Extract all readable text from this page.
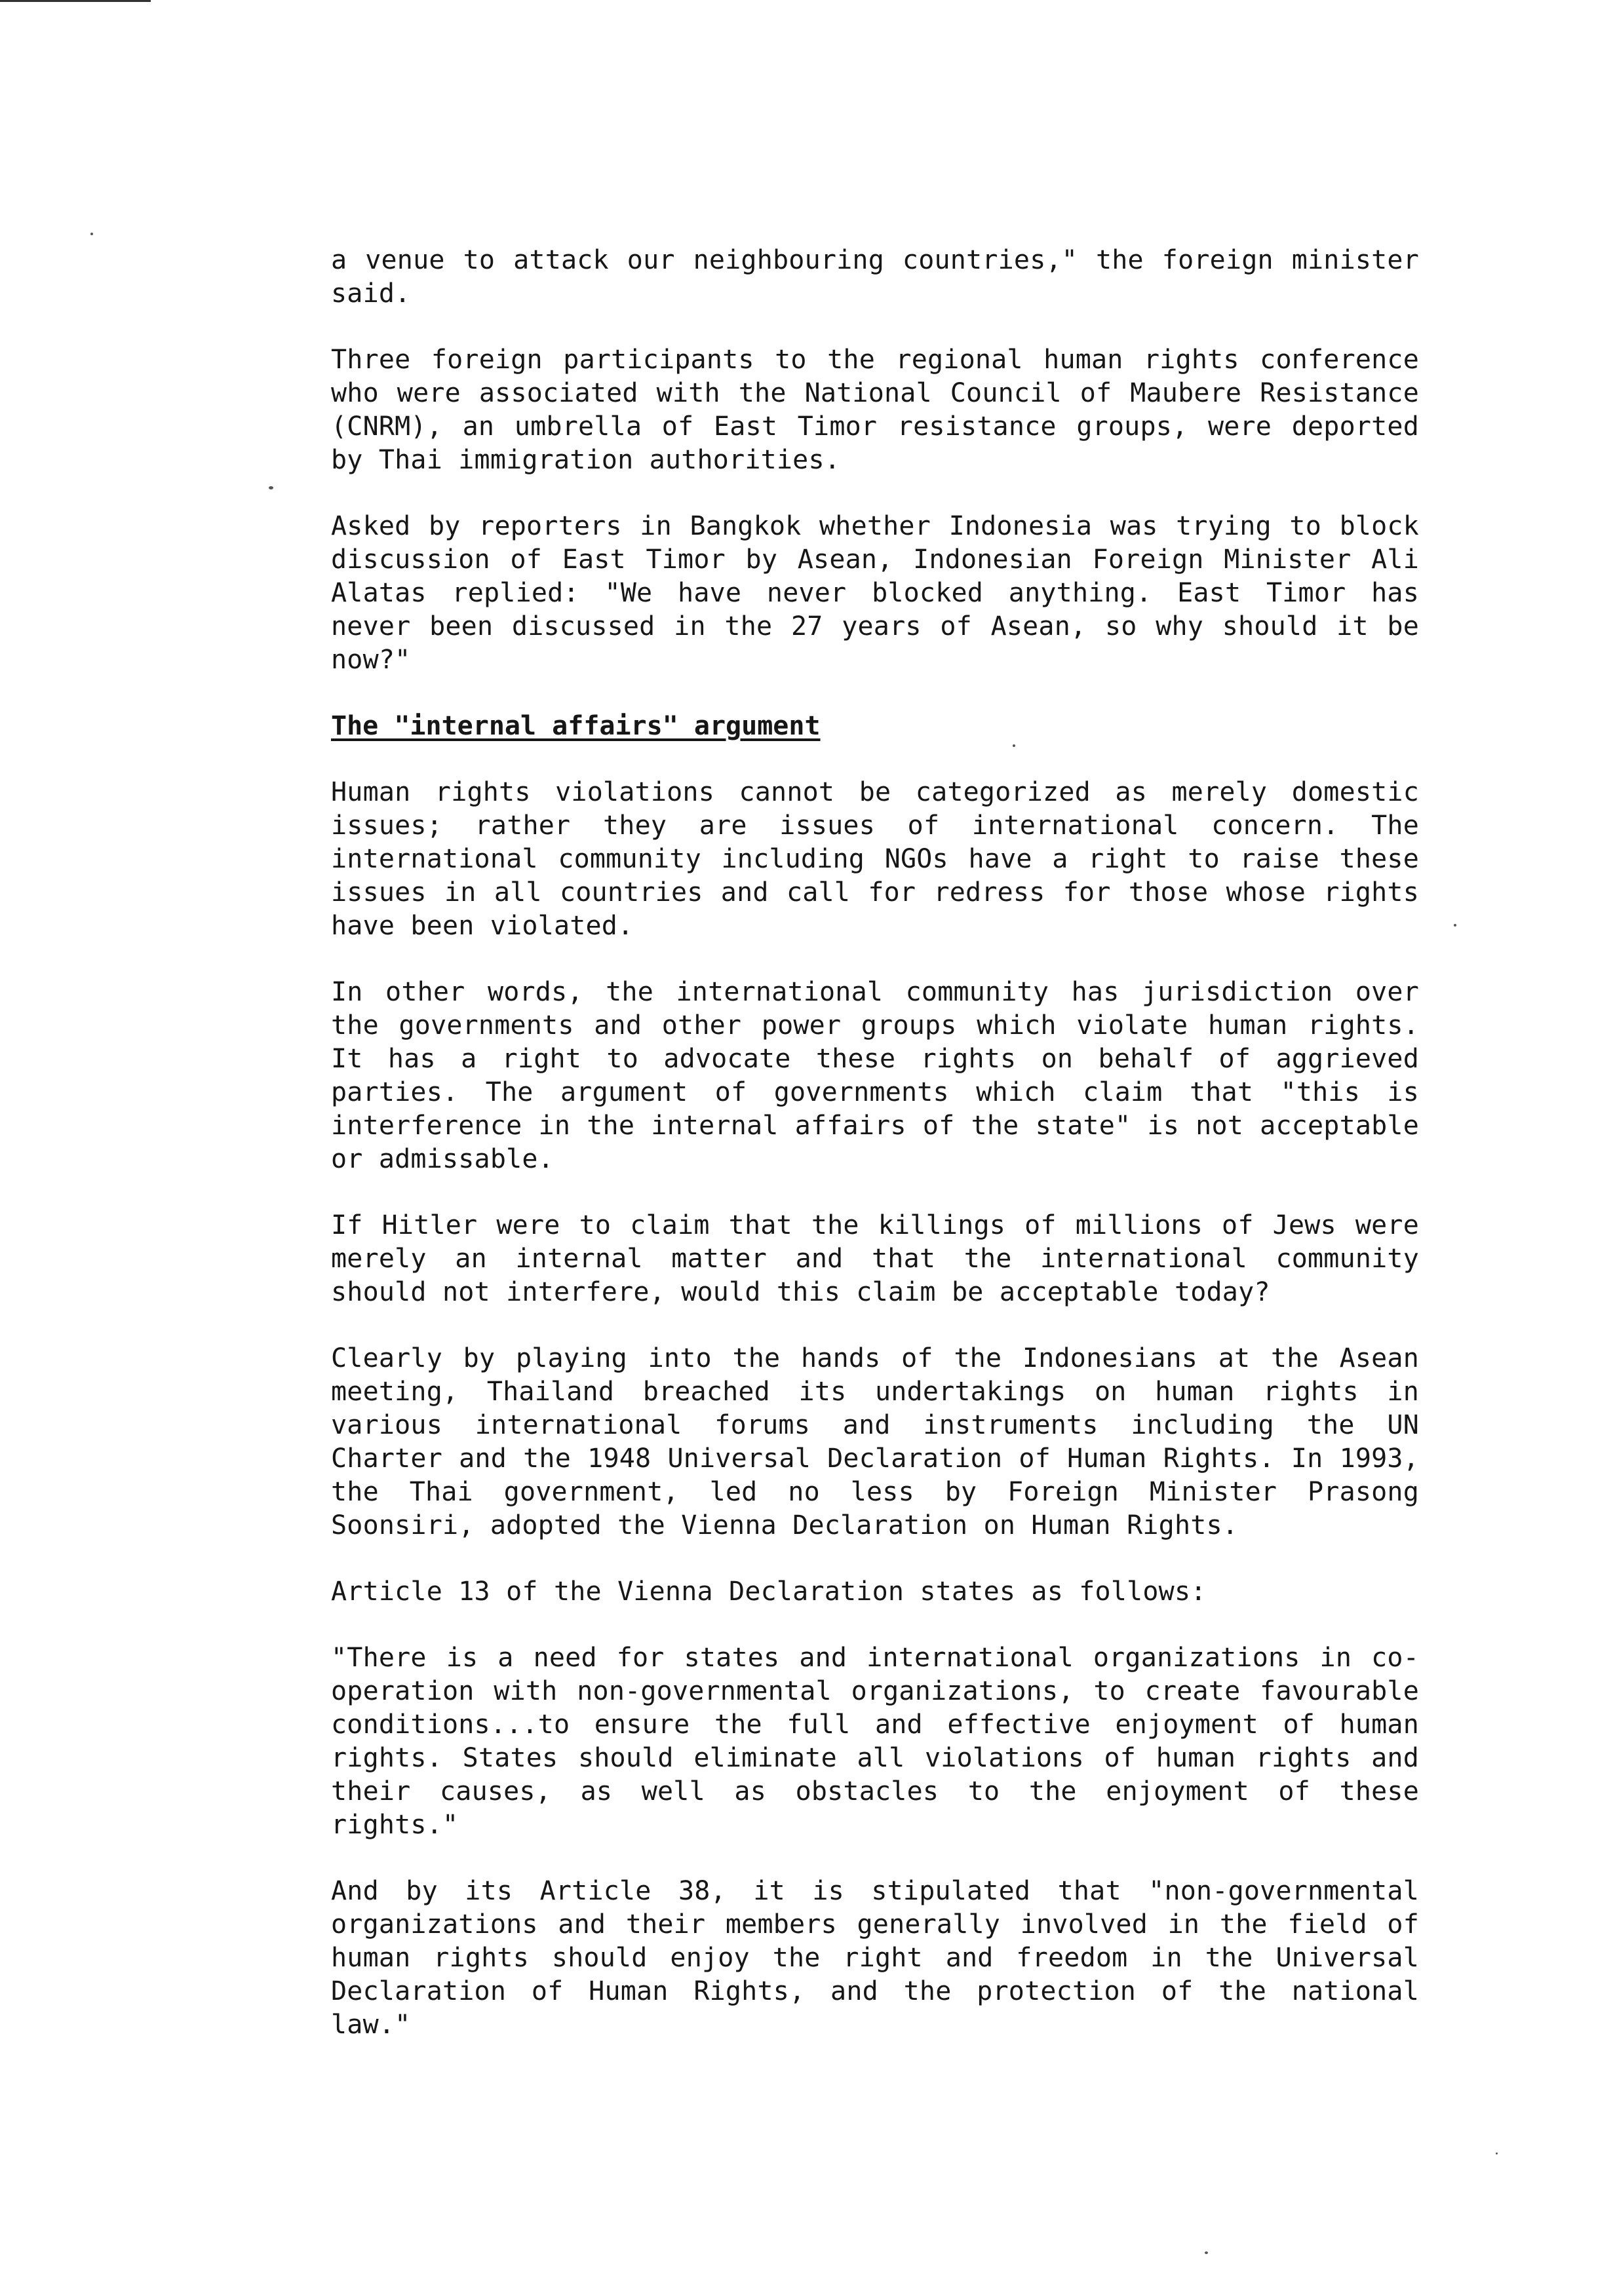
a venue to attack our neighbouring countries," the foreign minister said.

Three foreign participants to the regional human rights conference who were associated with the National Council of Maubere Resistance (CNRM), an umbrella of East Timor resistance groups, were deported by Thai immigration authorities.

Asked by reporters in Bangkok whether Indonesia was trying to block discussion of East Timor by Asean, Indonesian Foreign Minister Ali Alatas replied: "We have never blocked anything. East Timor has never been discussed in the 27 years of Asean, so why should it be now?"

The "internal affairs" argument

Human rights violations cannot be categorized as merely domestic issues; rather they are issues of international concern. The international community including NGOs have a right to raise these issues in all countries and call for redress for those whose rights have been violated.

In other words, the international community has jurisdiction over the governments and other power groups which violate human rights. It has a right to advocate these rights on behalf of aggrieved parties. The argument of governments which claim that "this is interference in the internal affairs of the state" is not acceptable or admissable.

If Hitler were to claim that the killings of millions of Jews were merely an internal matter and that the international community should not interfere, would this claim be acceptable today?

Clearly by playing into the hands of the Indonesians at the Asean meeting, Thailand breached its undertakings on human rights in various international forums and instruments including the UN Charter and the 1948 Universal Declaration of Human Rights. In 1993, the Thai government, led no less by Foreign Minister Prasong Soonsiri, adopted the Vienna Declaration on Human Rights.

Article 13 of the Vienna Declaration states as follows:

"There is a need for states and international organizations in co-operation with non-governmental organizations, to create favourable conditions...to ensure the full and effective enjoyment of human rights. States should eliminate all violations of human rights and their causes, as well as obstacles to the enjoyment of these rights."

And by its Article 38, it is stipulated that "non-governmental organizations and their members generally involved in the field of human rights should enjoy the right and freedom in the Universal Declaration of Human Rights, and the protection of the national law."
